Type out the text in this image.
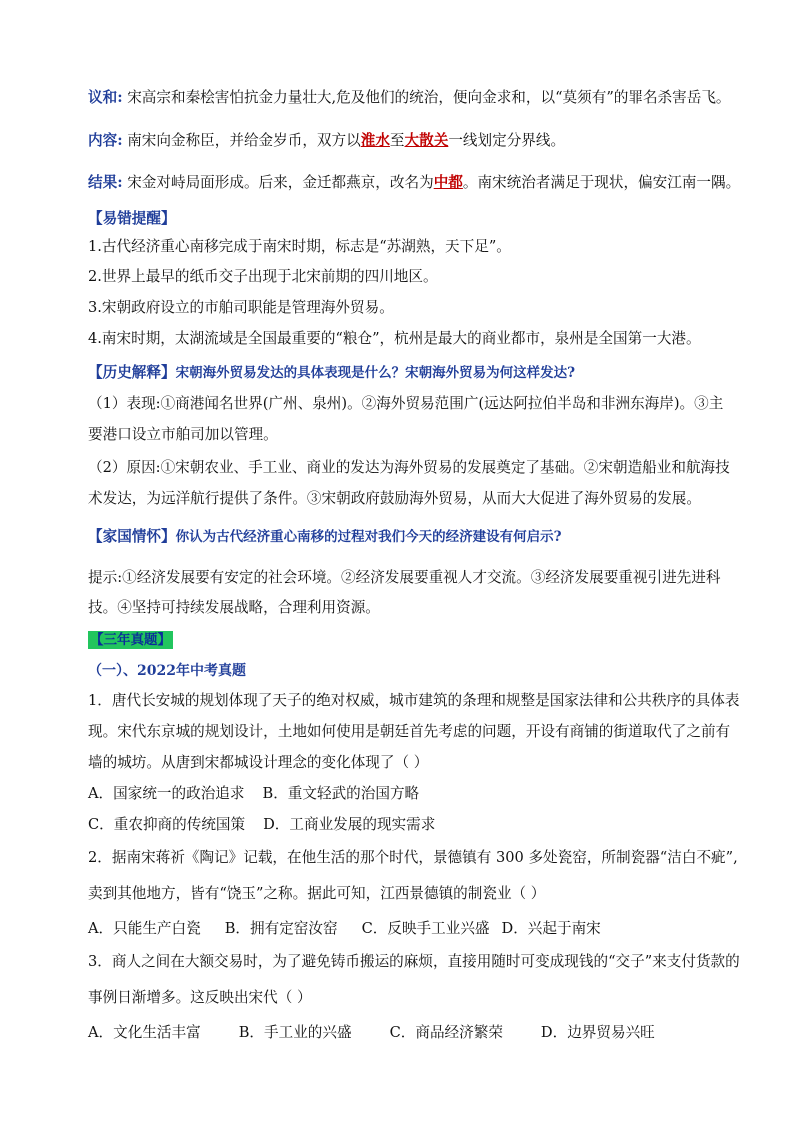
议和: 宋高宗和秦桧害怕抗金力量壮大,危及他们的统治，便向金求和，以“莫须有”的罪名杀害岳飞。
内容: 南宋向金称臣，并给金岁币，双方以淮水至大散关一线划定分界线。
结果: 宋金对峙局面形成。后来，金迁都燕京，改名为中都。南宋统治者满足于现状，偏安江南一隅。
【易错提醒】
1.古代经济重心南移完成于南宋时期，标志是“苏湖熟，天下足”。
2.世界上最早的纸币交子出现于北宋前期的四川地区。
3.宋朝政府设立的市舶司职能是管理海外贸易。
4.南宋时期，太湖流域是全国最重要的“粮仓”，杭州是最大的商业都市，泉州是全国第一大港。
【历史解释】宋朝海外贸易发达的具体表现是什么？宋朝海外贸易为何这样发达?
（1）表现:①商港闻名世界(广州、泉州)。②海外贸易范围广(远达阿拉伯半岛和非洲东海岸)。③主
要港口设立市舶司加以管理。
（2）原因:①宋朝农业、手工业、商业的发达为海外贸易的发展奠定了基础。②宋朝造船业和航海技
术发达，为远洋航行提供了条件。③宋朝政府鼓励海外贸易，从而大大促进了海外贸易的发展。
【家国情怀】你认为古代经济重心南移的过程对我们今天的经济建设有何启示?
提示:①经济发展要有安定的社会环境。②经济发展要重视人才交流。③经济发展要重视引进先进科
技。④坚持可持续发展战略，合理利用资源。
【三年真题】
（一）、2022年中考真题
1．唐代长安城的规划体现了天子的绝对权威，城市建筑的条理和规整是国家法律和公共秩序的具体表
现。宋代东京城的规划设计，土地如何使用是朝廷首先考虑的问题，开设有商铺的街道取代了之前有
墙的城坊。从唐到宋都城设计理念的变化体现了（ ）
A．国家统一的政治追求 B．重文轻武的治国方略
C．重农抑商的传统国策 D．工商业发展的现实需求
2．据南宋蒋祈《陶记》记载，在他生活的那个时代，景德镇有 300 多处瓷窑，所制瓷器“洁白不疵”,
卖到其他地方，皆有“饶玉”之称。据此可知，江西景德镇的制瓷业（ ）
A．只能生产白瓷 B．拥有定窑汝窑 C．反映手工业兴盛 D．兴起于南宋
3．商人之间在大额交易时，为了避免铸币搬运的麻烦，直接用随时可变成现钱的“交子”来支付货款的
事例日渐增多。这反映出宋代（ ）
A．文化生活丰富	B．手工业的兴盛	C．商品经济繁荣	D．边界贸易兴旺
